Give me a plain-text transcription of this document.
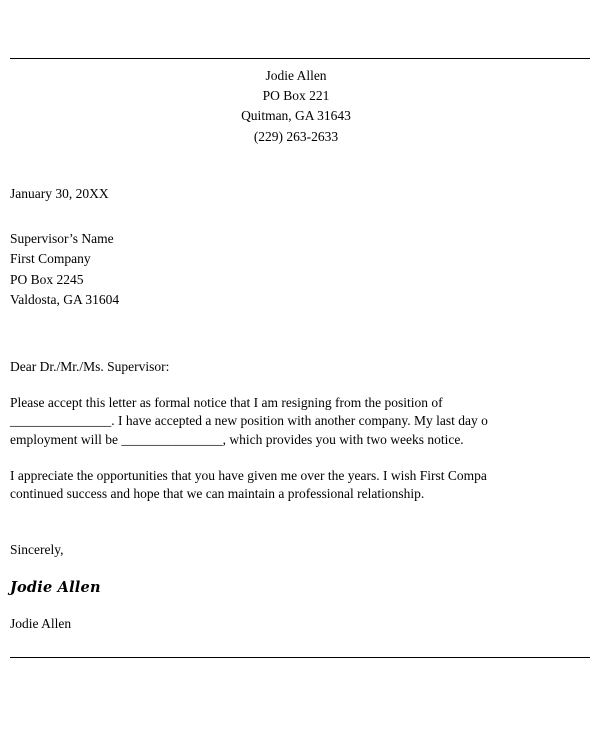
Jodie Allen
PO Box 221
Quitman, GA 31643
(229) 263-2633
January 30, 20XX
Supervisor’s Name
First Company
PO Box 2245
Valdosta, GA 31604
Dear Dr./Mr./Ms. Supervisor:
Please accept this letter as formal notice that I am resigning from the position of
_______________. I have accepted a new position with another company. My last day o
employment will be _______________, which provides you with two weeks notice.
I appreciate the opportunities that you have given me over the years. I wish First Compa
continued success and hope that we can maintain a professional relationship.
Sincerely,
Jodie Allen
Jodie Allen
